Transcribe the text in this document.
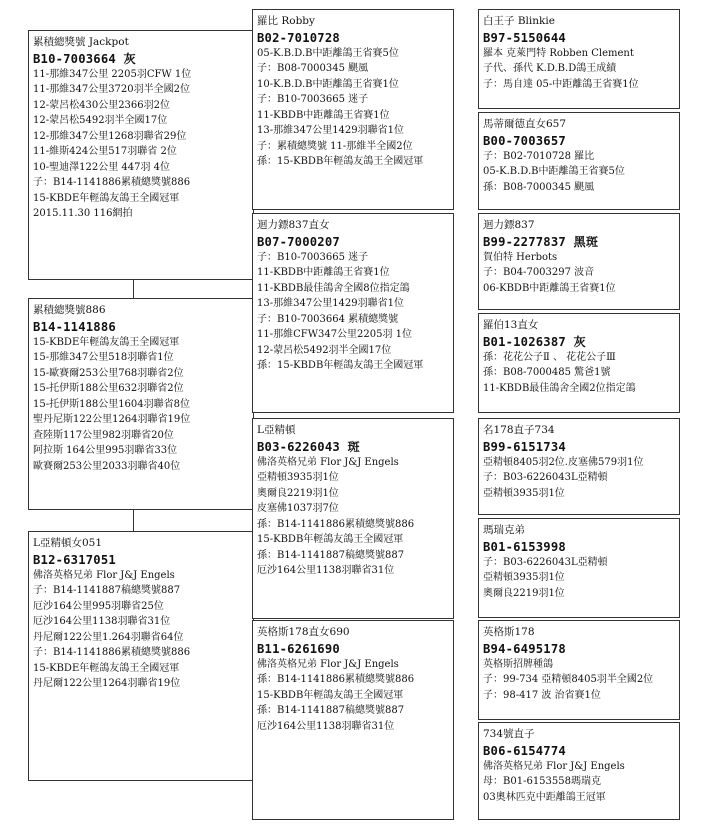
累積總獎號 Jackpot
B10-7003664 灰
11-那維347公里 2205羽CFW 1位
11-那維347公里3720羽半全國2位
12-蒙呂松430公里2366羽2位
12-蒙呂松5492羽半全國17位
12-那維347公里1268羽聯省29位
11-維斯424公里517羽聯省 2位
10-聖迪澤122公里 447羽 4位
子：B14-1141886累積總獎號886
15-KBDE年輕鴿友鴿王全國冠軍
2015.11.30 116網拍
累積總獎號886
B14-1141886
15-KBDE年輕鴿友鴿王全國冠軍
15-那維347公里518羽聯省1位
15-歐賽爾253公里768羽聯省2位
15-托伊斯188公里632羽聯省2位
15-托伊斯188公里1604羽聯省8位
聖丹尼斯122公里1264羽聯省19位
查陸斯117公里982羽聯省20位
阿拉斯 164公里995羽聯省33位
歐賽爾253公里2033羽聯省40位
L亞精頓女051
B12-6317051
佛洛英格兄弟 Flor J&J Engels
子：B14-1141887稿總獎號887
厄沙164公里995羽聯省25位
厄沙164公里1138羽聯省31位
丹尼爾122公里1.264羽聯省64位
子：B14-1141886累積總獎號886
15-KBDE年輕鴿友鴿王全國冠軍
丹尼爾122公里1264羽聯省19位
羅比 Robby
B02-7010728
05-K.B.D.B中距離鴿王省賽5位
子：B08-7000345 颶風
10-K.B.D.B中距離鴿王省賽1位
子：B10-7003665 迷子
11-KBDB中距離鴿王省賽1位
13-那維347公里1429羽聯省1位
子：累積總獎號 11-那維半全國2位
孫：15-KBDB年輕鴿友鴿王全國冠軍
迴力鏢837直女
B07-7000207
子：B10-7003665 迷子
11-KBDB中距離鴿王省賽1位
11-KBDB最佳鴿舍全國8位指定鴿
13-那維347公里1429羽聯省1位
子：B10-7003664 累積總獎號
11-那維CFW347公里2205羽 1位
12-蒙呂松5492羽半全國17位
孫：15-KBDB年輕鴿友鴿王全國冠軍
L亞精頓
B03-6226043 斑
佛洛英格兄弟 Flor J&J Engels
亞精頓3935羽1位
奧爾良2219羽1位
皮塞佛1037羽7位
孫：B14-1141886累積總獎號886
15-KBDB年輕鴿友鴿王全國冠軍
孫：B14-1141887稿總獎號887
厄沙164公里1138羽聯省31位
英格斯178直女690
B11-6261690
佛洛英格兄弟 Flor J&J Engels
孫：B14-1141886累積總獎號886
15-KBDB年輕鴿友鴿王全國冠軍
孫：B14-1141887稿總獎號887
厄沙164公里1138羽聯省31位
白王子 Blinkie
B97-5150644
羅本 克萊門特 Robben Clement
子代、孫代 K.D.B.D鴿王成績
子：馬自達 05-中距離鴿王省賽1位
馬蒂爾德直女657
B00-7003657
子：B02-7010728 羅比
05-K.B.D.B中距離鴿王省賽5位
孫：B08-7000345 颶風
迴力鏢837
B99-2277837 黑斑
賀伯特 Herbots
子：B04-7003297 波音
06-KBDB中距離鴿王省賽1位
羅伯13直女
B01-1026387 灰
孫：花花公子Ⅱ 、 花花公子Ⅲ
孫：B08-7000485 驚爸1號
11-KBDB最佳鴿舍全國2位指定鴿
名178直子734
B99-6151734
亞精頓8405羽2位.皮塞佛579羽1位
子：B03-6226043L亞精頓
亞精頓3935羽1位
瑪瑞克弟
B01-6153998
子：B03-6226043L亞精頓
亞精頓3935羽1位
奧爾良2219羽1位
英格斯178
B94-6495178
英格斯招牌種鴿
子：99-734 亞精頓8405羽半全國2位
子：98-417 波 治省賽1位
734號直子
B06-6154774
佛洛英格兄弟 Flor J&J Engels
母：B01-6153558瑪瑞克
03奧林匹克中距離鴿王冠軍
